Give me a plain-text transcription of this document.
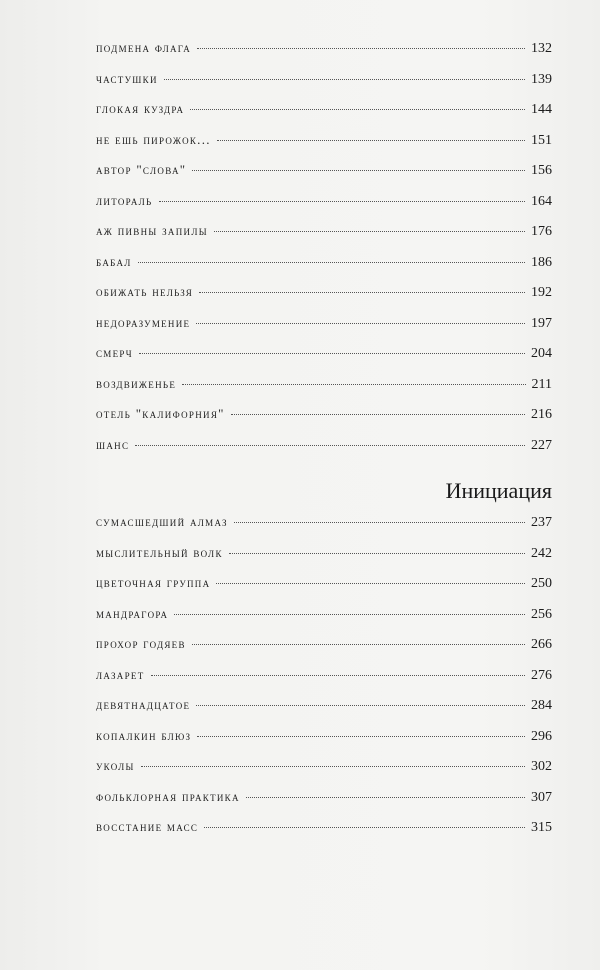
подмена флага	132
частушки	139
глокая куздра	144
не ешь пирожок...	151
автор "слова"	156
литораль	164
аж пивны запилы	176
бабал	186
обижать нельзя	192
недоразумение	197
смерч	204
воздвиженье	211
отель "калифорния"	216
шанс	227
Инициация
сумасшедший алмаз	237
мыслительный волк	242
цветочная группа	250
мандрагора	256
прохор годяев	266
лазарет	276
девятнадцатое	284
копалкин блюз	296
уколы	302
фольклорная практика	307
восстание масс	315
